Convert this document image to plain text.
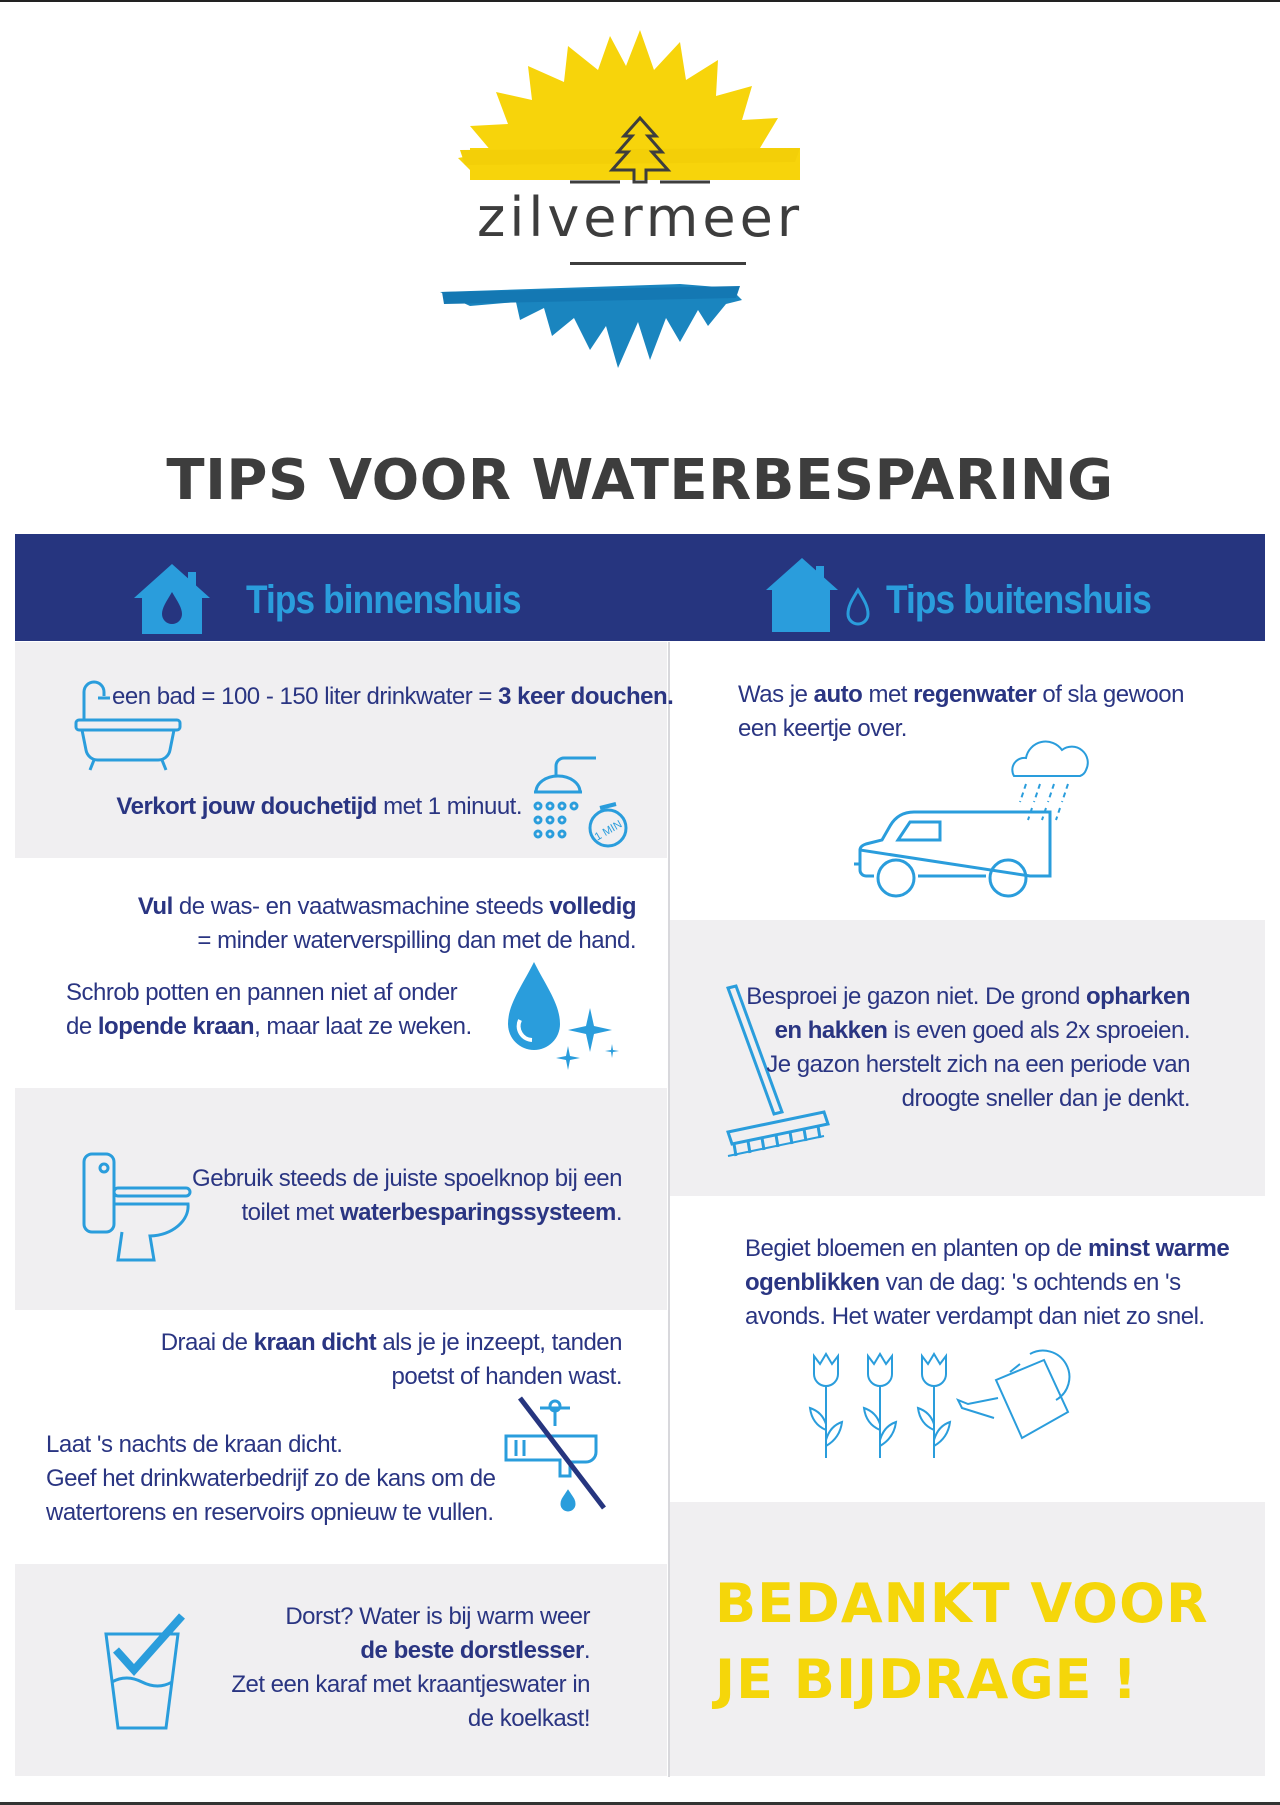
zilvermeer
TIPS VOOR WATERBESPARING
Tips binnenshuis	Tips buitenshuis
een bad = 100 - 150 liter drinkwater = 3 keer douchen.
Verkort jouw douchetijd met 1 minuut.
1 MIN
Vul de was- en vaatwasmachine steeds volledig
= minder waterverspilling dan met de hand.
Schrob potten en pannen niet af onder
de lopende kraan, maar laat ze weken.
Gebruik steeds de juiste spoelknop bij een
toilet met waterbesparingssysteem.
Draai de kraan dicht als je je inzeept, tanden
poetst of handen wast.
Laat 's nachts de kraan dicht.
Geef het drinkwaterbedrijf zo de kans om de
watertorens en reservoirs opnieuw te vullen.
Dorst? Water is bij warm weer
de beste dorstlesser.
Zet een karaf met kraantjeswater in
de koelkast!
Was je auto met regenwater of sla gewoon
een keertje over.
Besproei je gazon niet. De grond opharken
en hakken is even goed als 2x sproeien.
Je gazon herstelt zich na een periode van
droogte sneller dan je denkt.
Begiet bloemen en planten op de minst warme
ogenblikken van de dag: 's ochtends en 's
avonds. Het water verdampt dan niet zo snel.
BEDANKT VOOR
JE BIJDRAGE !
